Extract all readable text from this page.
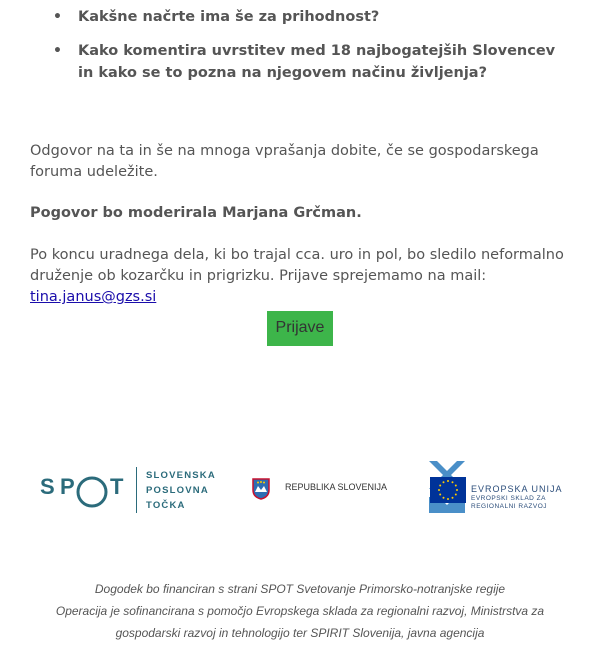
• Kakšne načrte ima še za prihodnost?
• Kako komentira uvrstitev med 18 najbogatejših Slovencev in kako se to pozna na njegovem načinu življenja?

Odgovor na ta in še na mnoga vprašanja dobite, če se gospodarskega foruma udeležite.

Pogovor bo moderirala Marjana Grčman.

Po koncu uradnega dela, ki bo trajal cca. uro in pol, bo sledilo neformalno druženje ob kozarčku in prigrizku. Prijave sprejemamo na mail: tina.janus@gzs.si

Prijave
S P T SLOVENSKA
POSLOVNA
TOČKA
REPUBLIKA SLOVENIJA	EVROPSKA UNIJA
EVROPSKI SKLAD ZA
REGIONALNI RAZVOJ
Dogodek bo financiran s strani SPOT Svetovanje Primorsko-notranjske regije
Operacija je sofinancirana s pomočjo Evropskega sklada za regionalni razvoj, Ministrstva za
gospodarski razvoj in tehnologijo ter SPIRIT Slovenija, javna agencija
